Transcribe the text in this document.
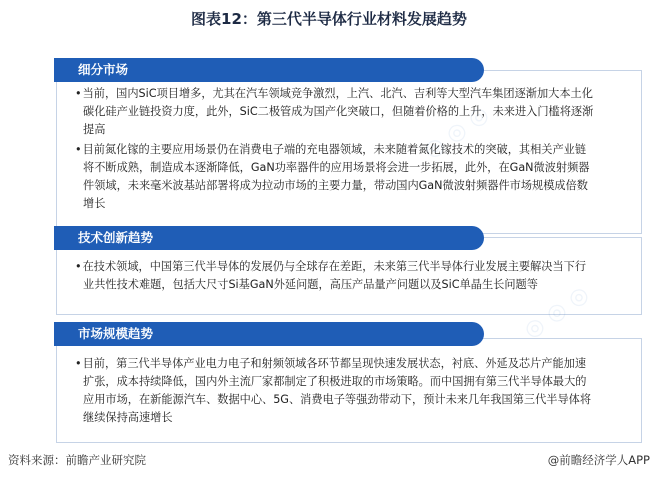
图表12：第三代半导体行业材料发展趋势
• 当前，国内SiC项目增多，尤其在汽车领域竞争激烈，上汽、北汽、吉利等大型汽车集团逐渐加大本土化碳化硅产业链投资力度，此外，SiC二极管成为国产化突破口，但随着价格的上升，未来进入门槛将逐渐提高
• 目前氮化镓的主要应用场景仍在消费电子端的充电器领域，未来随着氮化镓技术的突破，其相关产业链将不断成熟，制造成本逐渐降低，GaN功率器件的应用场景将会进一步拓展，此外，在GaN微波射频器件领域，未来毫米波基站部署将成为拉动市场的主要力量，带动国内GaN微波射频器件市场规模成倍数增长
细分市场
• 在技术领域，中国第三代半导体的发展仍与全球存在差距，未来第三代半导体行业发展主要解决当下行业共性技术难题，包括大尺寸Si基GaN外延问题，高压产品量产问题以及SiC单晶生长问题等
技术创新趋势
• 目前，第三代半导体产业电力电子和射频领域各环节都呈现快速发展状态，衬底、外延及芯片产能加速扩张，成本持续降低，国内外主流厂家都制定了积极进取的市场策略。而中国拥有第三代半导体最大的应用市场，在新能源汽车、数据中心、5G、消费电子等强劲带动下，预计未来几年我国第三代半导体将继续保持高速增长
市场规模趋势
资料来源：前瞻产业研究院	@前瞻经济学人APP
